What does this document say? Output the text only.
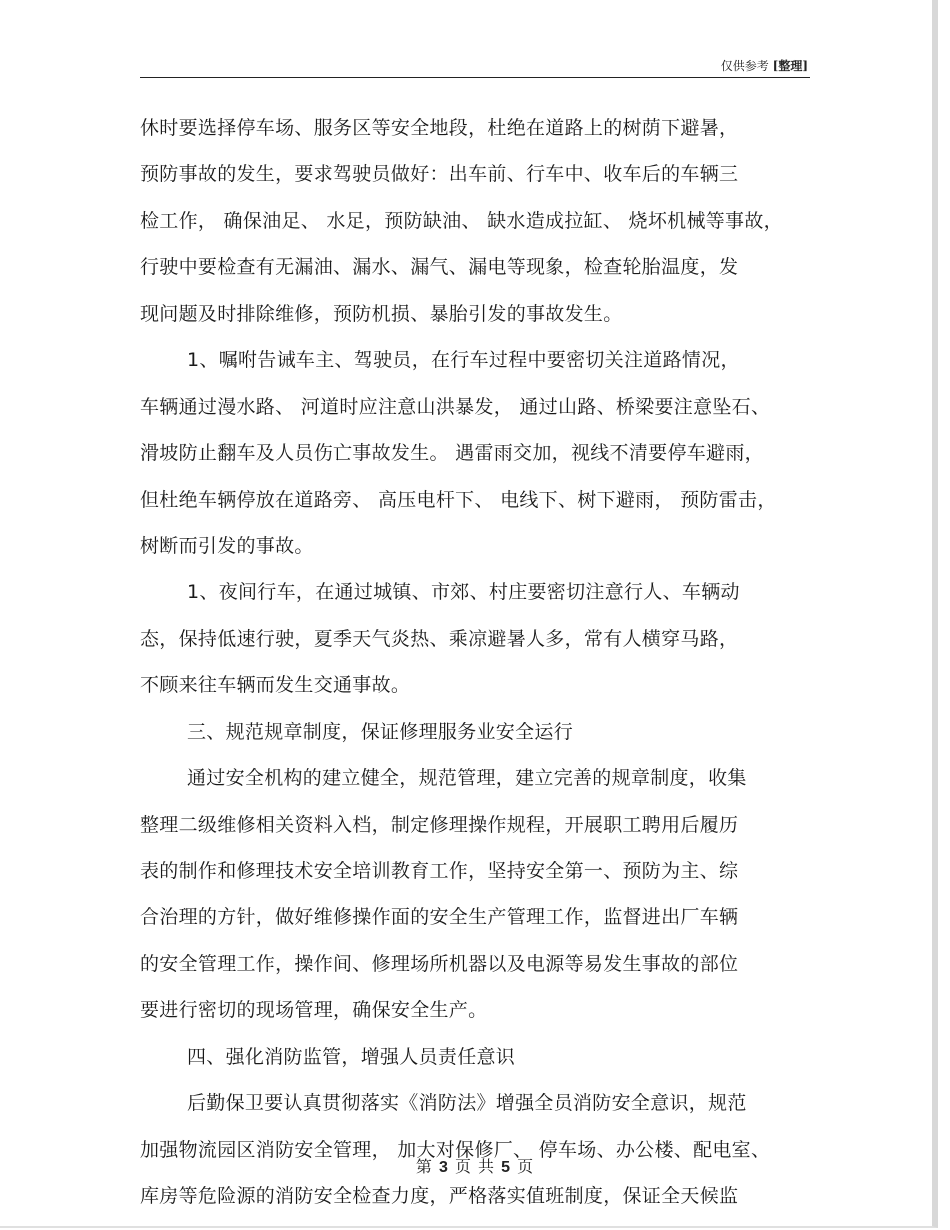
仅供参考 [整理]
休时要选择停车场、服务区等安全地段，杜绝在道路上的树荫下避暑，
预防事故的发生，要求驾驶员做好：出车前、行车中、收车后的车辆三
检工作， 确保油足、 水足，预防缺油、 缺水造成拉缸、 烧坏机械等事故，
行驶中要检查有无漏油、漏水、漏气、漏电等现象，检查轮胎温度，发
现问题及时排除维修，预防机损、暴胎引发的事故发生。
1、嘱咐告诫车主、驾驶员，在行车过程中要密切关注道路情况，
车辆通过漫水路、 河道时应注意山洪暴发， 通过山路、桥梁要注意坠石、
滑坡防止翻车及人员伤亡事故发生。 遇雷雨交加，视线不清要停车避雨，
但杜绝车辆停放在道路旁、 高压电杆下、 电线下、树下避雨， 预防雷击，
树断而引发的事故。
1、夜间行车，在通过城镇、市郊、村庄要密切注意行人、车辆动
态，保持低速行驶，夏季天气炎热、乘凉避暑人多，常有人横穿马路，
不顾来往车辆而发生交通事故。
三、规范规章制度，保证修理服务业安全运行
通过安全机构的建立健全，规范管理，建立完善的规章制度，收集
整理二级维修相关资料入档，制定修理操作规程，开展职工聘用后履历
表的制作和修理技术安全培训教育工作，坚持安全第一、预防为主、综
合治理的方针，做好维修操作面的安全生产管理工作，监督进出厂车辆
的安全管理工作，操作间、修理场所机器以及电源等易发生事故的部位
要进行密切的现场管理，确保安全生产。
四、强化消防监管，增强人员责任意识
后勤保卫要认真贯彻落实《消防法》增强全员消防安全意识，规范
加强物流园区消防安全管理， 加大对保修厂、 停车场、办公楼、配电室、
库房等危险源的消防安全检查力度，严格落实值班制度，保证全天候监
第 3 页 共 5 页
